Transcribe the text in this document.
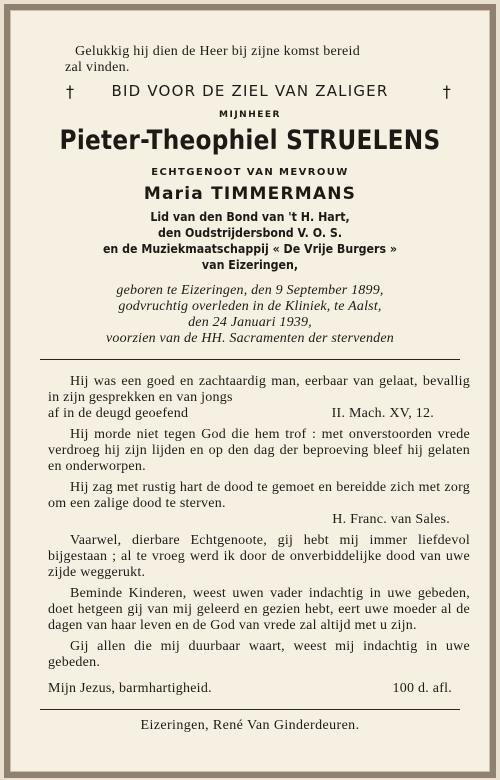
Gelukkig hij dien de Heer bij zijne komst bereid
zal vinden.
† BID VOOR DE ZIEL VAN ZALIGER	†
MIJNHEER
Pieter-Theophiel STRUELENS
ECHTGENOOT VAN MEVROUW
Maria TIMMERMANS
Lid van den Bond van 't H. Hart,
den Oudstrijdersbond V. O. S.
en de Muziekmaatschappij « De Vrije Burgers »
van Eizeringen,
geboren te Eizeringen, den 9 September 1899,
godvruchtig overleden in de Kliniek, te Aalst,
den 24 Januari 1939,
voorzien van de HH. Sacramenten der stervenden
Hij was een goed en zachtaardig man, eerbaar van gelaat, bevallig in zijn gesprekken en van jongs
af in de deugd geoefend	II. Mach. XV, 12.
Hij morde niet tegen God die hem trof : met onverstoorden vrede verdroeg hij zijn lijden en op den dag der beproeving bleef hij gelaten en onderworpen.
Hij zag met rustig hart de dood te gemoet en bereidde zich met zorg om een zalige dood te sterven.
H. Franc. van Sales.
Vaarwel, dierbare Echtgenoote, gij hebt mij immer liefdevol bijgestaan ; al te vroeg werd ik door de onverbiddelijke dood van uwe zijde weggerukt.
Beminde Kinderen, weest uwen vader indachtig in uwe gebeden, doet hetgeen gij van mij geleerd en gezien hebt, eert uwe moeder al de dagen van haar leven en de God van vrede zal altijd met u zijn.
Gij allen die mij duurbaar waart, weest mij indachtig in uwe gebeden.
Mijn Jezus, barmhartigheid.	100 d. afl.
Eizeringen, René Van Ginderdeuren.
